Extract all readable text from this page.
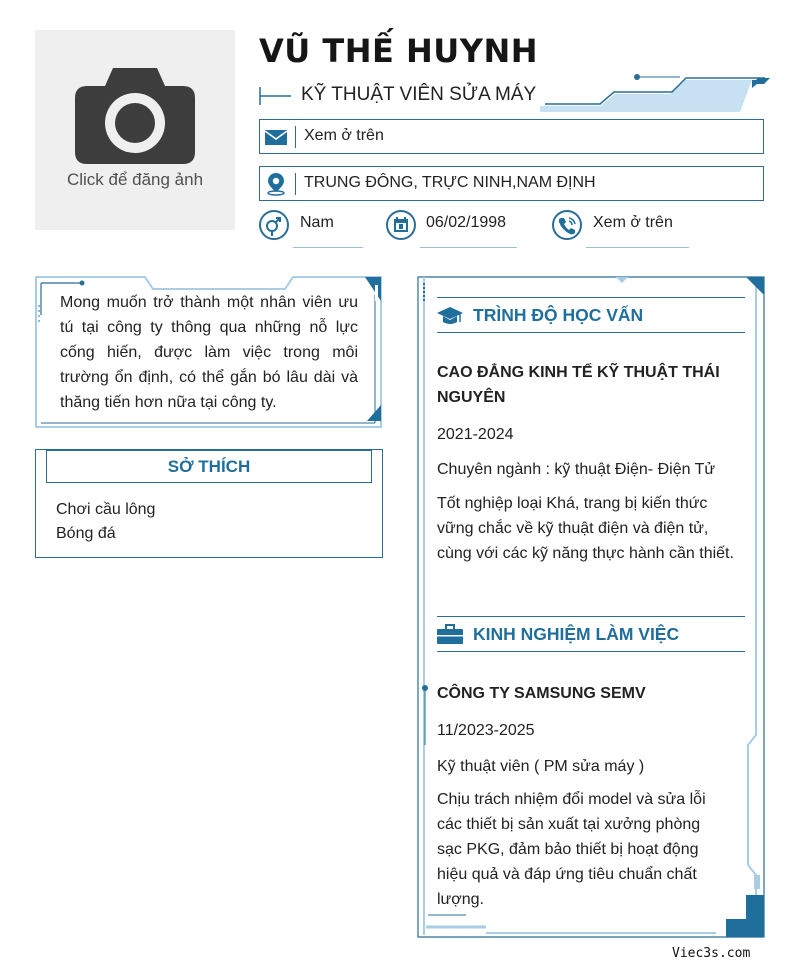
Click để đăng ảnh
VŨ THẾ HUYNH
KỸ THUẬT VIÊN SỬA MÁY
Xem ở trên
TRUNG ĐÔNG, TRỰC NINH,NAM ĐỊNH
Nam	06/02/1998	Xem ở trên
Mong muốn trở thành một nhân viên ưu tú tại công ty thông qua những nỗ lực cống hiến, được làm việc trong môi trường ổn định, có thể gắn bó lâu dài và thăng tiến hơn nữa tại công ty.
SỞ THÍCH
Chơi cầu lông
Bóng đá
TRÌNH ĐỘ HỌC VẤN
CAO ĐẲNG KINH TẾ KỸ THUẬT THÁI NGUYÊN
2021-2024
Chuyên ngành : kỹ thuật Điện- Điện Tử
Tốt nghiệp loại Khá, trang bị kiến thức vững chắc về kỹ thuật điện và điện tử, cùng với các kỹ năng thực hành cần thiết.
KINH NGHIỆM LÀM VIỆC
CÔNG TY SAMSUNG SEMV
11/2023-2025
Kỹ thuật viên ( PM sửa máy )
Chịu trách nhiệm đổi model và sửa lỗi các thiết bị sản xuất tại xưởng phòng sạc PKG, đảm bảo thiết bị hoạt động hiệu quả và đáp ứng tiêu chuẩn chất lượng.
Viec3s.com
